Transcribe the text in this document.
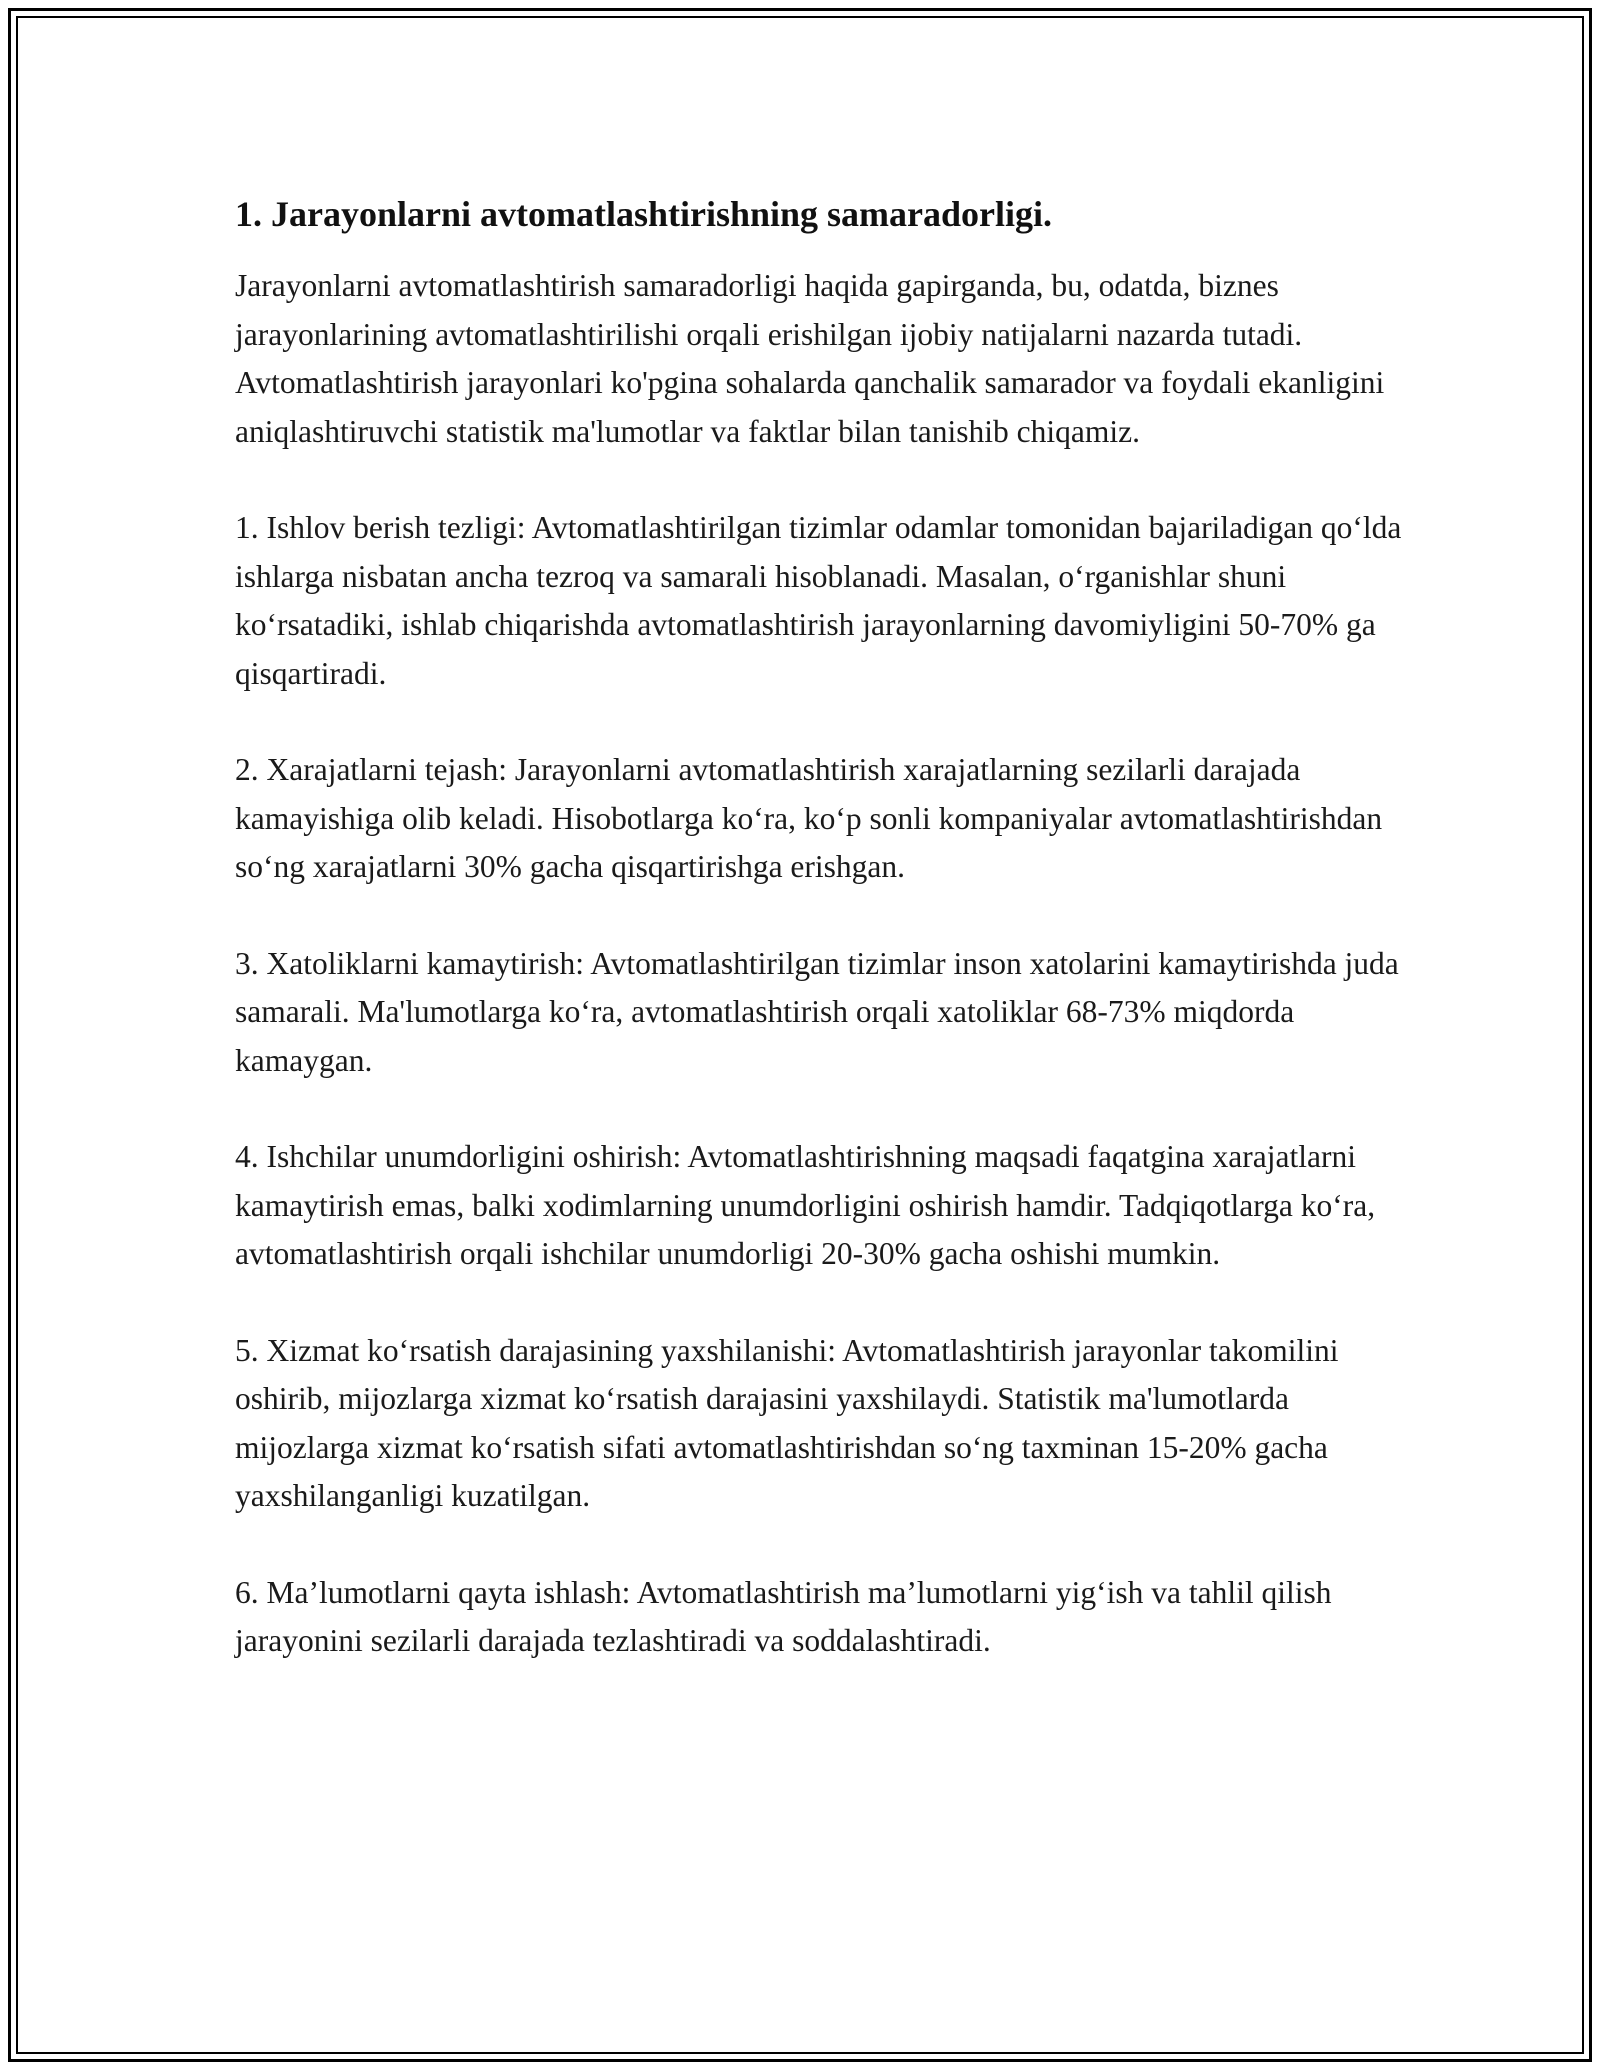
1. Jarayonlarni avtomatlashtirishning samaradorligi.

Jarayonlarni avtomatlashtirish samaradorligi haqida gapirganda, bu, odatda, biznes jarayonlarining avtomatlashtirilishi orqali erishilgan ijobiy natijalarni nazarda tutadi. Avtomatlashtirish jarayonlari ko'pgina sohalarda qanchalik samarador va foydali ekanligini aniqlashtiruvchi statistik ma'lumotlar va faktlar bilan tanishib chiqamiz.

1. Ishlov berish tezligi: Avtomatlashtirilgan tizimlar odamlar tomonidan bajariladigan qo‘lda ishlarga nisbatan ancha tezroq va samarali hisoblanadi. Masalan, o‘rganishlar shuni ko‘rsatadiki, ishlab chiqarishda avtomatlashtirish jarayonlarning davomiyligini 50-70% ga qisqartiradi.

2. Xarajatlarni tejash: Jarayonlarni avtomatlashtirish xarajatlarning sezilarli darajada kamayishiga olib keladi. Hisobotlarga ko‘ra, ko‘p sonli kompaniyalar avtomatlashtirishdan so‘ng xarajatlarni 30% gacha qisqartirishga erishgan.

3. Xatoliklarni kamaytirish: Avtomatlashtirilgan tizimlar inson xatolarini kamaytirishda juda samarali. Ma'lumotlarga ko‘ra, avtomatlashtirish orqali xatoliklar 68-73% miqdorda kamaygan.

4. Ishchilar unumdorligini oshirish: Avtomatlashtirishning maqsadi faqatgina xarajatlarni kamaytirish emas, balki xodimlarning unumdorligini oshirish hamdir. Tadqiqotlarga ko‘ra, avtomatlashtirish orqali ishchilar unumdorligi 20-30% gacha oshishi mumkin.

5. Xizmat ko‘rsatish darajasining yaxshilanishi: Avtomatlashtirish jarayonlar takomilini oshirib, mijozlarga xizmat ko‘rsatish darajasini yaxshilaydi. Statistik ma'lumotlarda mijozlarga xizmat ko‘rsatish sifati avtomatlashtirishdan so‘ng taxminan 15-20% gacha yaxshilanganligi kuzatilgan.

6. Ma’lumotlarni qayta ishlash: Avtomatlashtirish ma’lumotlarni yig‘ish va tahlil qilish jarayonini sezilarli darajada tezlashtiradi va soddalashtiradi.
